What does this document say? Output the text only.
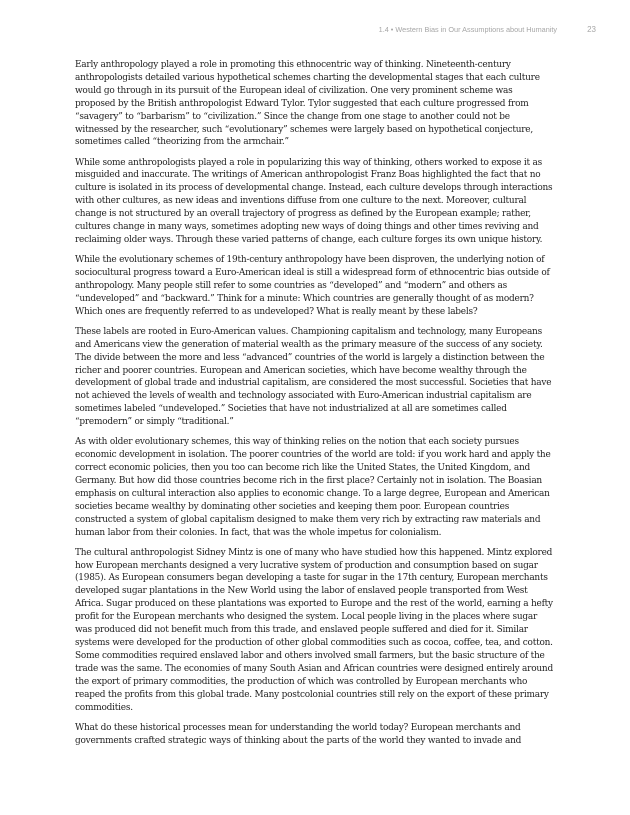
1.4 • Western Bias in Our Assumptions about Humanity	23

Early anthropology played a role in promoting this ethnocentric way of thinking. Nineteenth-century anthropologists detailed various hypothetical schemes charting the developmental stages that each culture would go through in its pursuit of the European ideal of civilization. One very prominent scheme was proposed by the British anthropologist Edward Tylor. Tylor suggested that each culture progressed from “savagery” to “barbarism” to “civilization.” Since the change from one stage to another could not be witnessed by the researcher, such “evolutionary” schemes were largely based on hypothetical conjecture, sometimes called “theorizing from the armchair.”

While some anthropologists played a role in popularizing this way of thinking, others worked to expose it as misguided and inaccurate. The writings of American anthropologist Franz Boas highlighted the fact that no culture is isolated in its process of developmental change. Instead, each culture develops through interactions with other cultures, as new ideas and inventions diffuse from one culture to the next. Moreover, cultural change is not structured by an overall trajectory of progress as defined by the European example; rather, cultures change in many ways, sometimes adopting new ways of doing things and other times reviving and reclaiming older ways. Through these varied patterns of change, each culture forges its own unique history.

While the evolutionary schemes of 19th-century anthropology have been disproven, the underlying notion of sociocultural progress toward a Euro-American ideal is still a widespread form of ethnocentric bias outside of anthropology. Many people still refer to some countries as “developed” and “modern” and others as “undeveloped” and “backward.” Think for a minute: Which countries are generally thought of as modern? Which ones are frequently referred to as undeveloped? What is really meant by these labels?

These labels are rooted in Euro-American values. Championing capitalism and technology, many Europeans and Americans view the generation of material wealth as the primary measure of the success of any society. The divide between the more and less “advanced” countries of the world is largely a distinction between the richer and poorer countries. European and American societies, which have become wealthy through the development of global trade and industrial capitalism, are considered the most successful. Societies that have not achieved the levels of wealth and technology associated with Euro-American industrial capitalism are sometimes labeled “undeveloped.” Societies that have not industrialized at all are sometimes called “premodern” or simply “traditional.”

As with older evolutionary schemes, this way of thinking relies on the notion that each society pursues economic development in isolation. The poorer countries of the world are told: if you work hard and apply the correct economic policies, then you too can become rich like the United States, the United Kingdom, and Germany. But how did those countries become rich in the first place? Certainly not in isolation. The Boasian emphasis on cultural interaction also applies to economic change. To a large degree, European and American societies became wealthy by dominating other societies and keeping them poor. European countries constructed a system of global capitalism designed to make them very rich by extracting raw materials and human labor from their colonies. In fact, that was the whole impetus for colonialism.

The cultural anthropologist Sidney Mintz is one of many who have studied how this happened. Mintz explored how European merchants designed a very lucrative system of production and consumption based on sugar (1985). As European consumers began developing a taste for sugar in the 17th century, European merchants developed sugar plantations in the New World using the labor of enslaved people transported from West Africa. Sugar produced on these plantations was exported to Europe and the rest of the world, earning a hefty profit for the European merchants who designed the system. Local people living in the places where sugar was produced did not benefit much from this trade, and enslaved people suffered and died for it. Similar systems were developed for the production of other global commodities such as cocoa, coffee, tea, and cotton. Some commodities required enslaved labor and others involved small farmers, but the basic structure of the trade was the same. The economies of many South Asian and African countries were designed entirely around the export of primary commodities, the production of which was controlled by European merchants who reaped the profits from this global trade. Many postcolonial countries still rely on the export of these primary commodities.

What do these historical processes mean for understanding the world today? European merchants and governments crafted strategic ways of thinking about the parts of the world they wanted to invade and
